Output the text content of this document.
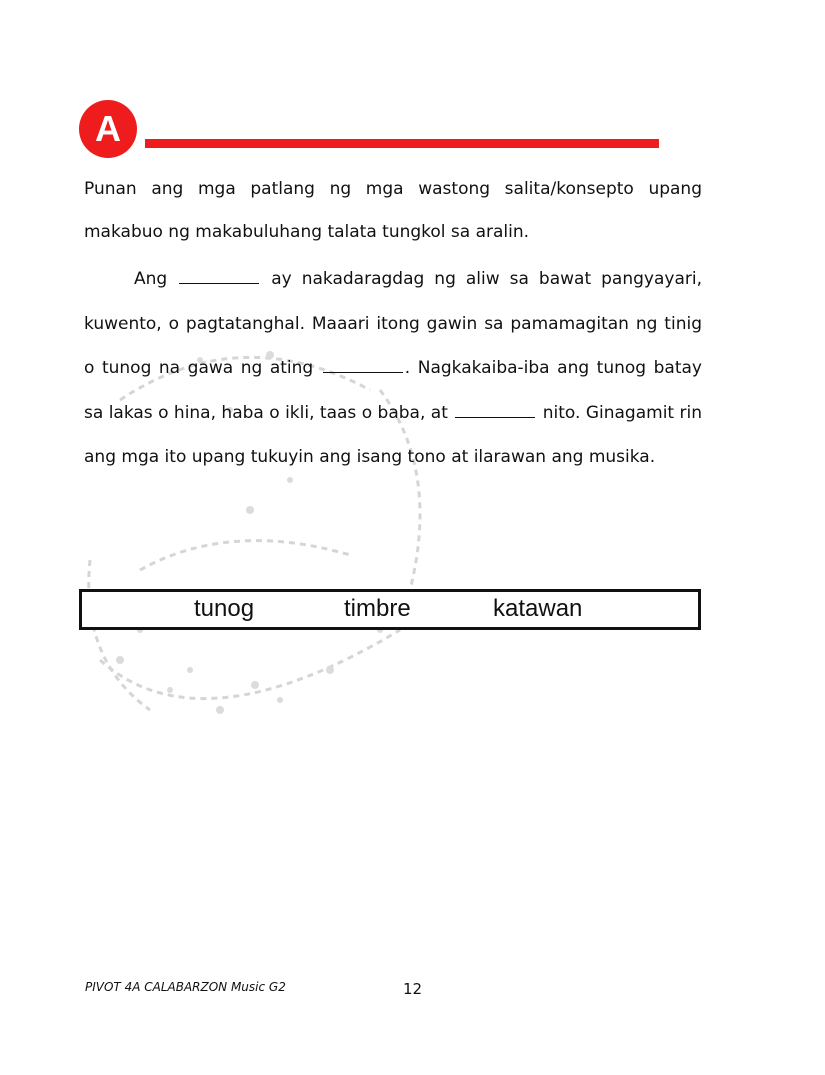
A
Punan ang mga patlang ng mga wastong salita/konsepto upang makabuo ng makabuluhang talata tungkol sa aralin.
Ang	ay nakadaragdag ng aliw sa bawat pangyayari, kuwento, o pagtatanghal. Maaari itong gawin sa pamamagitan ng tinig o tunog na gawa ng ating	. Nagkakaiba-iba ang tunog batay sa lakas o hina, haba o ikli, taas o baba, at	nito. Ginagamit rin ang mga ito upang tukuyin ang isang tono at ilarawan ang musika.
tunog	timbre	katawan
PIVOT 4A CALABARZON Music G2	12
